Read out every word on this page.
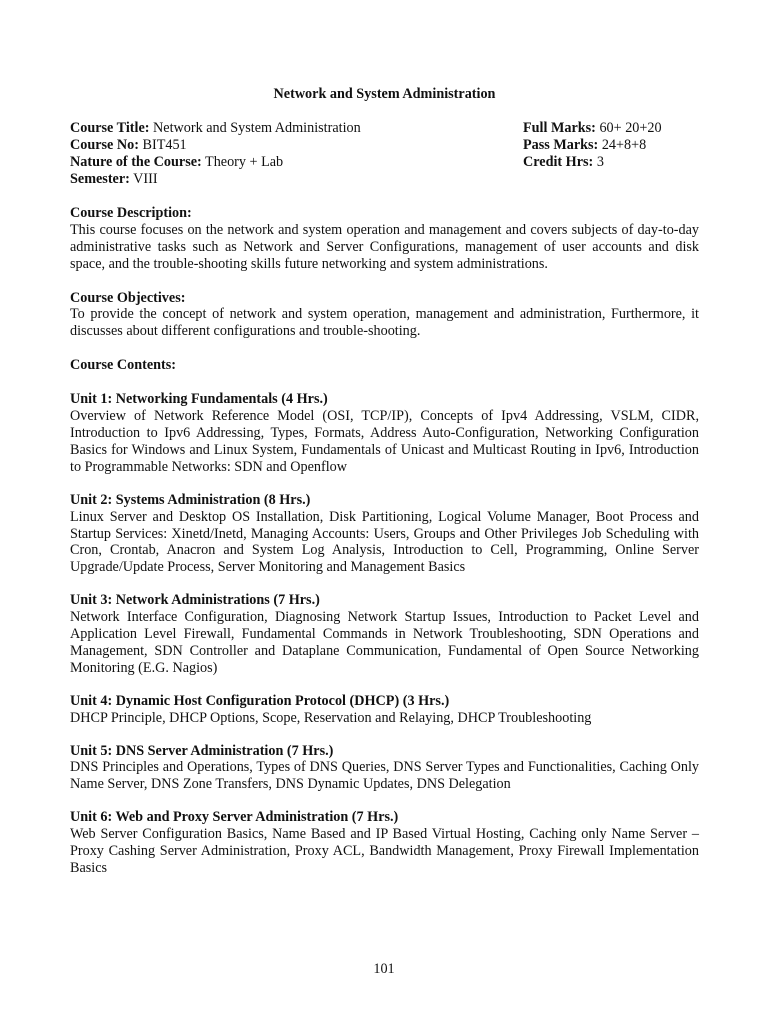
Network and System Administration
Course Title: Network and System Administration
Course No: BIT451
Nature of the Course: Theory + Lab
Semester: VIII
Full Marks: 60+ 20+20
Pass Marks: 24+8+8
Credit Hrs: 3
Course Description:
This course focuses on the network and system operation and management and covers subjects of day-to-day administrative tasks such as Network and Server Configurations, management of user accounts and disk space, and the trouble-shooting skills future networking and system administrations.
Course Objectives:
To provide the concept of network and system operation, management and administration, Furthermore, it discusses about different configurations and trouble-shooting.
Course Contents:
Unit 1: Networking Fundamentals (4 Hrs.)
Overview of Network Reference Model (OSI, TCP/IP), Concepts of Ipv4 Addressing, VSLM, CIDR, Introduction to Ipv6 Addressing, Types, Formats, Address Auto-Configuration, Networking Configuration Basics for Windows and Linux System, Fundamentals of Unicast and Multicast Routing in Ipv6, Introduction to Programmable Networks: SDN and Openflow
Unit 2: Systems Administration (8 Hrs.)
Linux Server and Desktop OS Installation, Disk Partitioning, Logical Volume Manager, Boot Process and Startup Services: Xinetd/Inetd, Managing Accounts: Users, Groups and Other Privileges Job Scheduling with Cron, Crontab, Anacron and System Log Analysis, Introduction to Cell, Programming, Online Server Upgrade/Update Process, Server Monitoring and Management Basics
Unit 3: Network Administrations (7 Hrs.)
Network Interface Configuration, Diagnosing Network Startup Issues, Introduction to Packet Level and Application Level Firewall, Fundamental Commands in Network Troubleshooting, SDN Operations and Management, SDN Controller and Dataplane Communication, Fundamental of Open Source Networking Monitoring (E.G. Nagios)
Unit 4: Dynamic Host Configuration Protocol (DHCP) (3 Hrs.)
DHCP Principle, DHCP Options, Scope, Reservation and Relaying, DHCP Troubleshooting
Unit 5: DNS Server Administration (7 Hrs.)
DNS Principles and Operations, Types of DNS Queries, DNS Server Types and Functionalities, Caching Only Name Server, DNS Zone Transfers, DNS Dynamic Updates, DNS Delegation
Unit 6: Web and Proxy Server Administration (7 Hrs.)
Web Server Configuration Basics, Name Based and IP Based Virtual Hosting, Caching only Name Server – Proxy Cashing Server Administration, Proxy ACL, Bandwidth Management, Proxy Firewall Implementation Basics
101
